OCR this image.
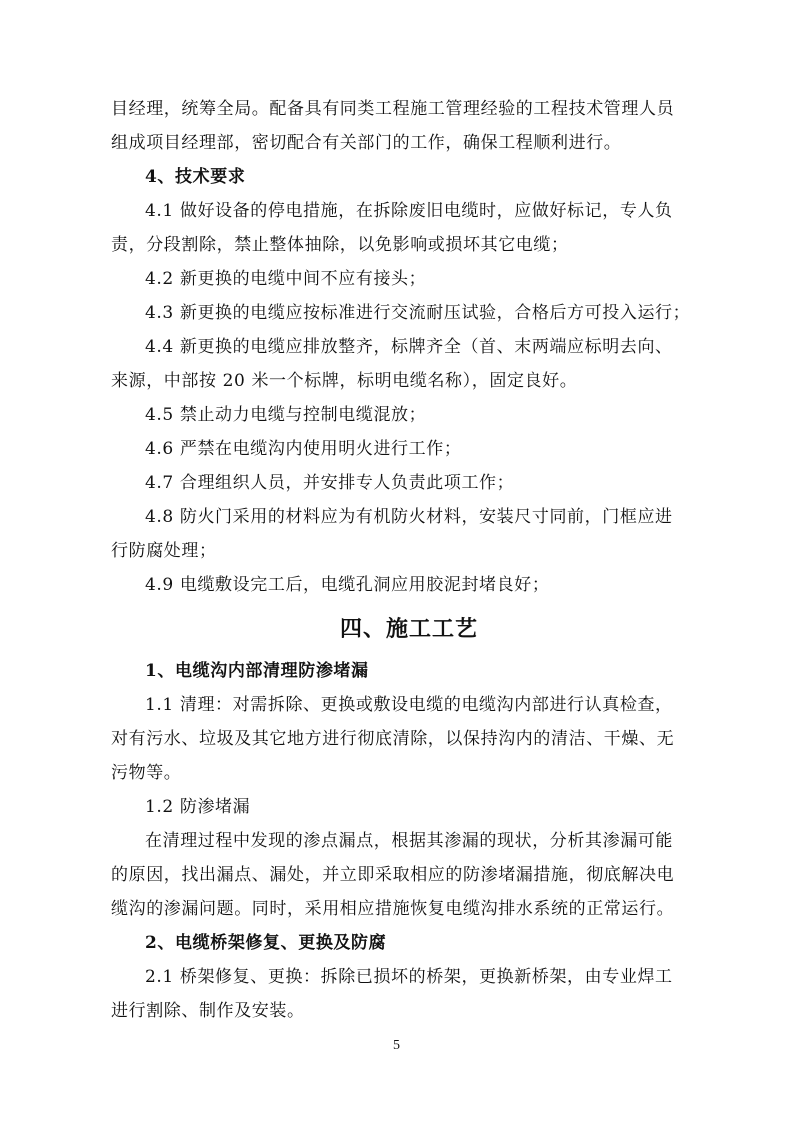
目经理，统筹全局。配备具有同类工程施工管理经验的工程技术管理人员

组成项目经理部，密切配合有关部门的工作，确保工程顺利进行。

4、技术要求

4.1 做好设备的停电措施，在拆除废旧电缆时，应做好标记，专人负

责，分段割除，禁止整体抽除，以免影响或损坏其它电缆；

4.2 新更换的电缆中间不应有接头；

4.3 新更换的电缆应按标准进行交流耐压试验，合格后方可投入运行；

4.4 新更换的电缆应排放整齐，标牌齐全（首、末两端应标明去向、

来源，中部按 20 米一个标牌，标明电缆名称），固定良好。

4.5 禁止动力电缆与控制电缆混放；

4.6 严禁在电缆沟内使用明火进行工作；

4.7 合理组织人员，并安排专人负责此项工作；

4.8 防火门采用的材料应为有机防火材料，安装尺寸同前，门框应进

行防腐处理；

4.9 电缆敷设完工后，电缆孔洞应用胶泥封堵良好；

四、施工工艺

1、电缆沟内部清理防渗堵漏

1.1 清理：对需拆除、更换或敷设电缆的电缆沟内部进行认真检查，

对有污水、垃圾及其它地方进行彻底清除，以保持沟内的清洁、干燥、无

污物等。

1.2 防渗堵漏

在清理过程中发现的渗点漏点，根据其渗漏的现状，分析其渗漏可能

的原因，找出漏点、漏处，并立即采取相应的防渗堵漏措施，彻底解决电

缆沟的渗漏问题。同时，采用相应措施恢复电缆沟排水系统的正常运行。

2、电缆桥架修复、更换及防腐

2.1 桥架修复、更换：拆除已损坏的桥架，更换新桥架，由专业焊工

进行割除、制作及安装。

5
